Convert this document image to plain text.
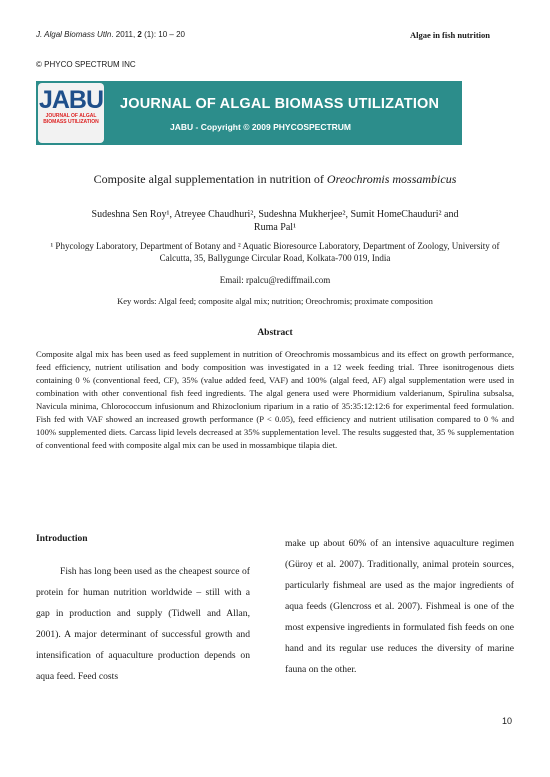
J. Algal Biomass Utln. 2011, 2 (1): 10 – 20	Algae in fish nutrition
© PHYCO SPECTRUM INC
JABU
JOURNAL OF ALGAL BIOMASS UTILIZATION
JOURNAL OF ALGAL BIOMASS UTILIZATION
JABU - Copyright © 2009 PHYCOSPECTRUM
Composite algal supplementation in nutrition of Oreochromis mossambicus
Sudeshna Sen Roy¹, Atreyee Chaudhuri², Sudeshna Mukherjee², Sumit HomeChauduri² and
Ruma Pal¹
¹ Phycology Laboratory, Department of Botany and ² Aquatic Bioresource Laboratory, Department of Zoology, University of Calcutta, 35, Ballygunge Circular Road, Kolkata-700 019, India
Email: rpalcu@rediffmail.com
Key words: Algal feed; composite algal mix; nutrition; Oreochromis; proximate composition
Abstract
Composite algal mix has been used as feed supplement in nutrition of Oreochromis mossambicus and its effect on growth performance, feed efficiency, nutrient utilisation and body composition was investigated in a 12 week feeding trial. Three isonitrogenous diets containing 0 % (conventional feed, CF), 35% (value added feed, VAF) and 100% (algal feed, AF) algal supplementation were used in combination with other conventional fish feed ingredients. The algal genera used were Phormidium valderianum, Spirulina subsalsa, Navicula minima, Chlorococcum infusionum and Rhizoclonium riparium in a ratio of 35:35:12:12:6 for experimental feed formulation. Fish fed with VAF showed an increased growth performance (P < 0.05), feed efficiency and nutrient utilisation compared to 0 % and 100% supplemented diets. Carcass lipid levels decreased at 35% supplementation level. The results suggested that, 35 % supplementation of conventional feed with composite algal mix can be used in mossambique tilapia diet.
Introduction
Fish has long been used as the cheapest source of protein for human nutrition worldwide – still with a gap in production and supply (Tidwell and Allan, 2001). A major determinant of successful growth and intensification of aquaculture production depends on aqua feed. Feed costs
make up about 60% of an intensive aquaculture regimen (Güroy et al. 2007). Traditionally, animal protein sources, particularly fishmeal are used as the major ingredients of aqua feeds (Glencross et al. 2007). Fishmeal is one of the most expensive ingredients in formulated fish feeds on one hand and its regular use reduces the diversity of marine fauna on the other.
10
